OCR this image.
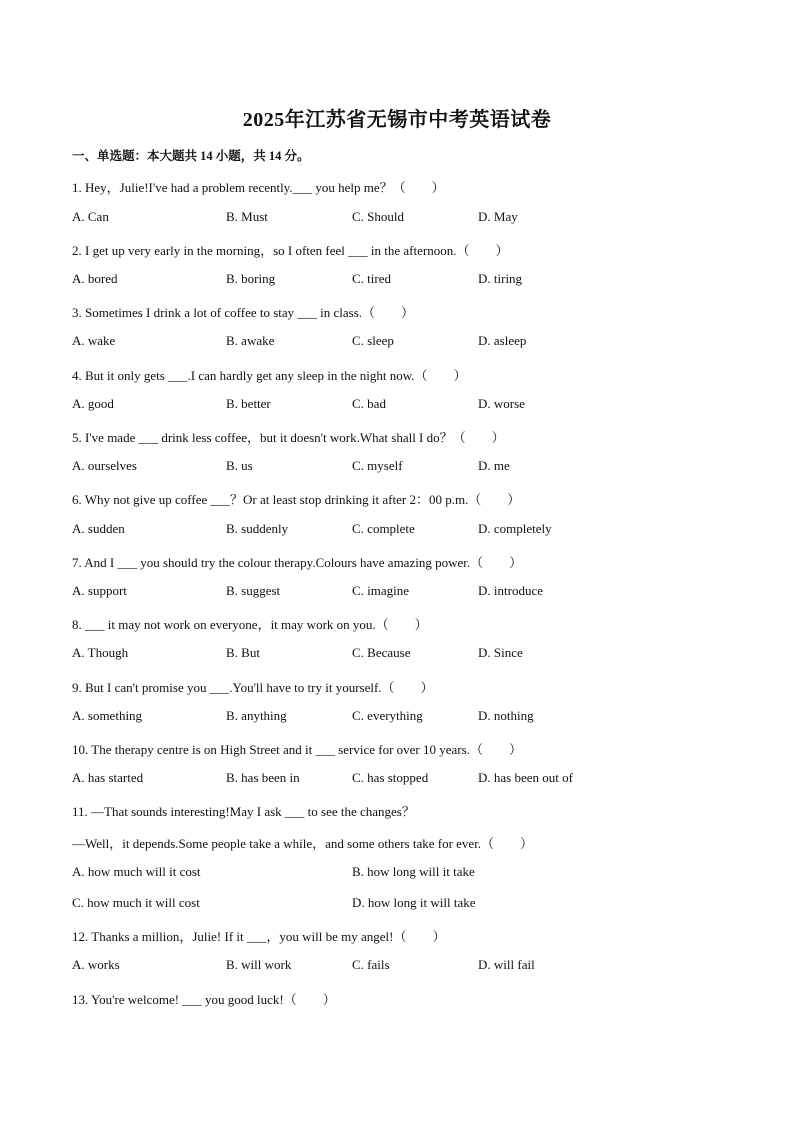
2025年江苏省无锡市中考英语试卷
一、单选题：本大题共 14 小题，共 14 分。
1. Hey，Julie!I've had a problem recently.___ you help me？（　　）
A. Can	B. Must	C. Should	D. May
2. I get up very early in the morning，so I often feel ___ in the afternoon.（　　）
A. bored	B. boring	C. tired	D. tiring
3. Sometimes I drink a lot of coffee to stay ___ in class.（　　）
A. wake	B. awake	C. sleep	D. asleep
4. But it only gets ___.I can hardly get any sleep in the night now.（　　）
A. good	B. better	C. bad	D. worse
5. I've made ___ drink less coffee，but it doesn't work.What shall I do？（　　）
A. ourselves	B. us	C. myself	D. me
6. Why not give up coffee ___？Or at least stop drinking it after 2：00 p.m.（　　）
A. sudden	B. suddenly	C. complete	D. completely
7. And I ___ you should try the colour therapy.Colours have amazing power.（　　）
A. support	B. suggest	C. imagine	D. introduce
8. ___ it may not work on everyone，it may work on you.（　　）
A. Though	B. But	C. Because	D. Since
9. But I can't promise you ___.You'll have to try it yourself.（　　）
A. something	B. anything	C. everything	D. nothing
10. The therapy centre is on High Street and it ___ service for over 10 years.（　　）
A. has started	B. has been in	C. has stopped	D. has been out of
11. —That sounds interesting!May I ask ___ to see the changes？
—Well，it depends.Some people take a while，and some others take for ever.（　　）
A. how much will it cost	B. how long will it take
C. how much it will cost	D. how long it will take
12. Thanks a million，Julie! If it ___，you will be my angel!（　　）
A. works	B. will work	C. fails	D. will fail
13. You're welcome! ___ you good luck!（　　）
